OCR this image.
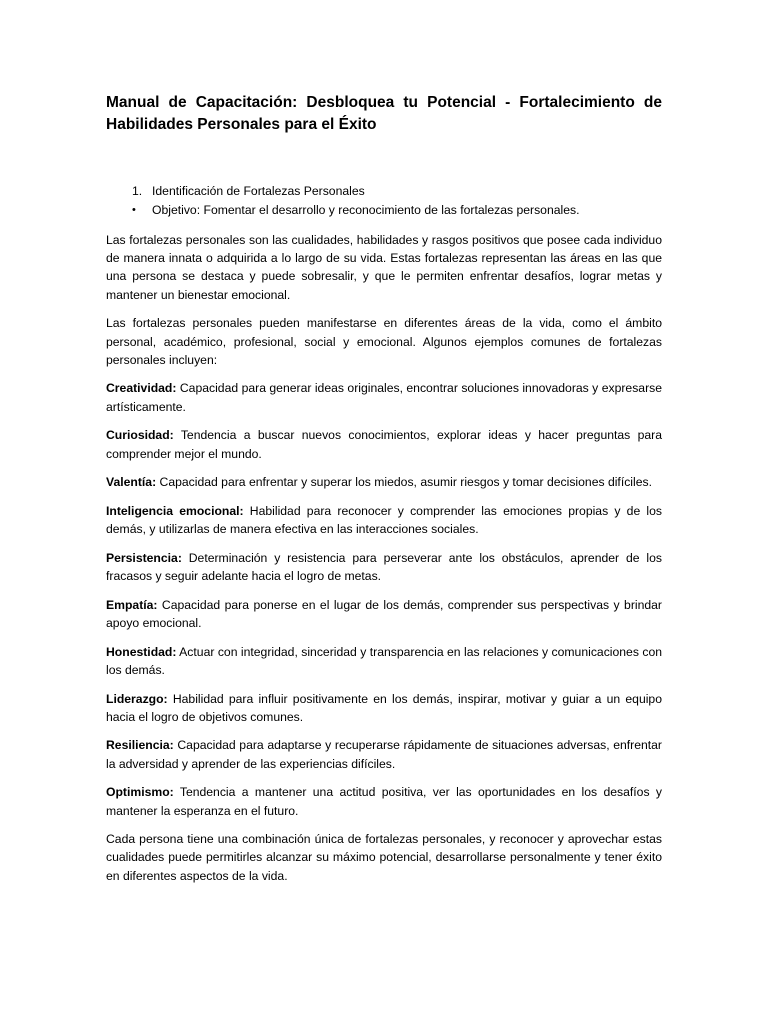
Manual de Capacitación: Desbloquea tu Potencial - Fortalecimiento de Habilidades Personales para el Éxito
1. Identificación de Fortalezas Personales
• Objetivo: Fomentar el desarrollo y reconocimiento de las fortalezas personales.

Las fortalezas personales son las cualidades, habilidades y rasgos positivos que posee cada individuo de manera innata o adquirida a lo largo de su vida. Estas fortalezas representan las áreas en las que una persona se destaca y puede sobresalir, y que le permiten enfrentar desafíos, lograr metas y mantener un bienestar emocional.

Las fortalezas personales pueden manifestarse en diferentes áreas de la vida, como el ámbito personal, académico, profesional, social y emocional. Algunos ejemplos comunes de fortalezas personales incluyen:

Creatividad: Capacidad para generar ideas originales, encontrar soluciones innovadoras y expresarse artísticamente.

Curiosidad: Tendencia a buscar nuevos conocimientos, explorar ideas y hacer preguntas para comprender mejor el mundo.

Valentía: Capacidad para enfrentar y superar los miedos, asumir riesgos y tomar decisiones difíciles.

Inteligencia emocional: Habilidad para reconocer y comprender las emociones propias y de los demás, y utilizarlas de manera efectiva en las interacciones sociales.

Persistencia: Determinación y resistencia para perseverar ante los obstáculos, aprender de los fracasos y seguir adelante hacia el logro de metas.

Empatía: Capacidad para ponerse en el lugar de los demás, comprender sus perspectivas y brindar apoyo emocional.

Honestidad: Actuar con integridad, sinceridad y transparencia en las relaciones y comunicaciones con los demás.

Liderazgo: Habilidad para influir positivamente en los demás, inspirar, motivar y guiar a un equipo hacia el logro de objetivos comunes.

Resiliencia: Capacidad para adaptarse y recuperarse rápidamente de situaciones adversas, enfrentar la adversidad y aprender de las experiencias difíciles.

Optimismo: Tendencia a mantener una actitud positiva, ver las oportunidades en los desafíos y mantener la esperanza en el futuro.

Cada persona tiene una combinación única de fortalezas personales, y reconocer y aprovechar estas cualidades puede permitirles alcanzar su máximo potencial, desarrollarse personalmente y tener éxito en diferentes aspectos de la vida.
